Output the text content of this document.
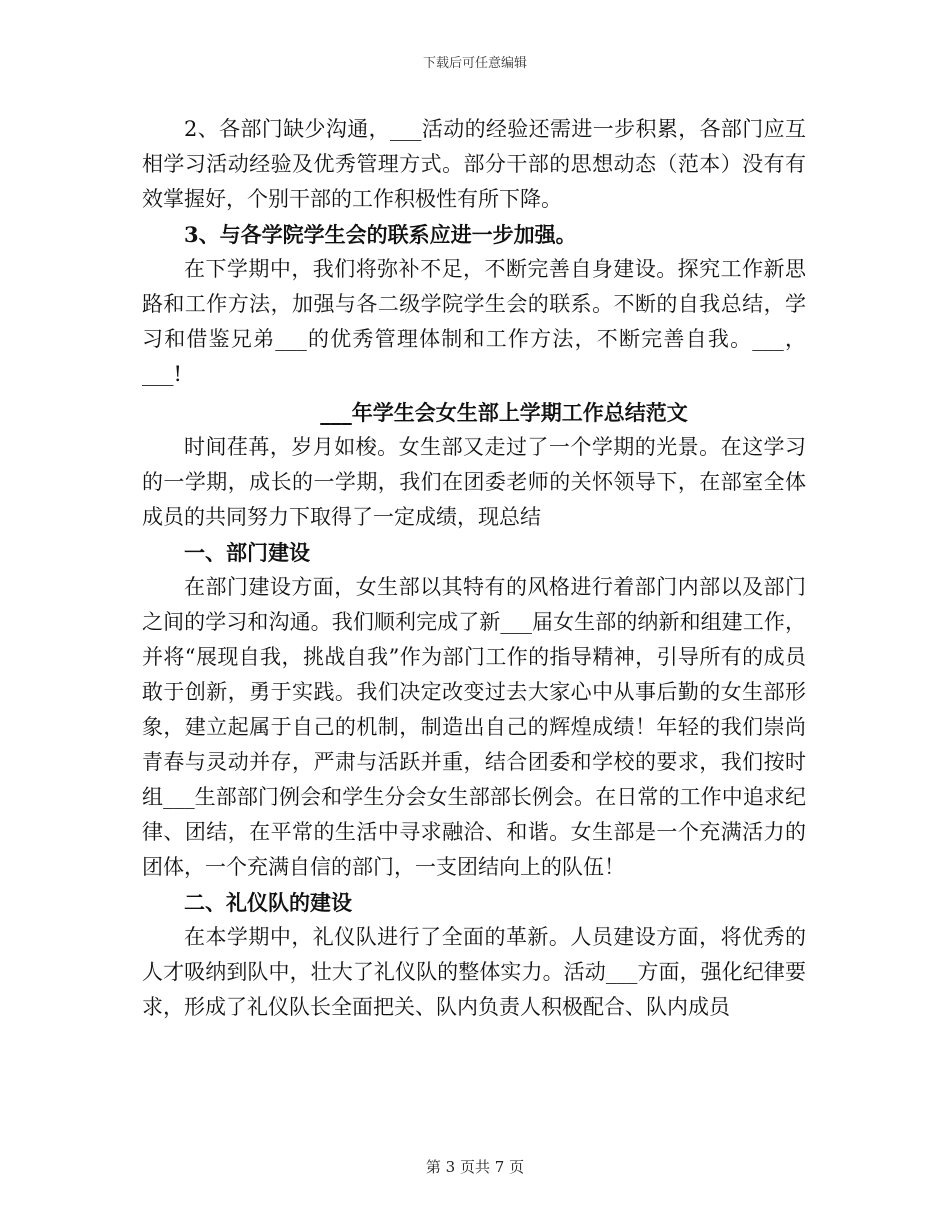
下载后可任意编辑

2、各部门缺少沟通，___活动的经验还需进一步积累，各部门应互相学习活动经验及优秀管理方式。部分干部的思想动态（范本）没有有效掌握好，个别干部的工作积极性有所下降。

3、与各学院学生会的联系应进一步加强。

在下学期中，我们将弥补不足，不断完善自身建设。探究工作新思路和工作方法，加强与各二级学院学生会的联系。不断的自我总结，学习和借鉴兄弟___的优秀管理体制和工作方法，不断完善自我。___，___!

___年学生会女生部上学期工作总结范文

时间荏苒，岁月如梭。女生部又走过了一个学期的光景。在这学习的一学期，成长的一学期，我们在团委老师的关怀领导下，在部室全体成员的共同努力下取得了一定成绩，现总结

一、部门建设

在部门建设方面，女生部以其特有的风格进行着部门内部以及部门之间的学习和沟通。我们顺利完成了新___届女生部的纳新和组建工作，并将“展现自我，挑战自我”作为部门工作的指导精神，引导所有的成员敢于创新，勇于实践。我们决定改变过去大家心中从事后勤的女生部形象，建立起属于自己的机制，制造出自己的辉煌成绩！年轻的我们崇尚青春与灵动并存，严肃与活跃并重，结合团委和学校的要求，我们按时组___生部部门例会和学生分会女生部部长例会。在日常的工作中追求纪律、团结，在平常的生活中寻求融洽、和谐。女生部是一个充满活力的团体，一个充满自信的部门，一支团结向上的队伍！

二、礼仪队的建设

在本学期中，礼仪队进行了全面的革新。人员建设方面，将优秀的人才吸纳到队中，壮大了礼仪队的整体实力。活动___方面，强化纪律要求，形成了礼仪队长全面把关、队内负责人积极配合、队内成员

第 3 页共 7 页
